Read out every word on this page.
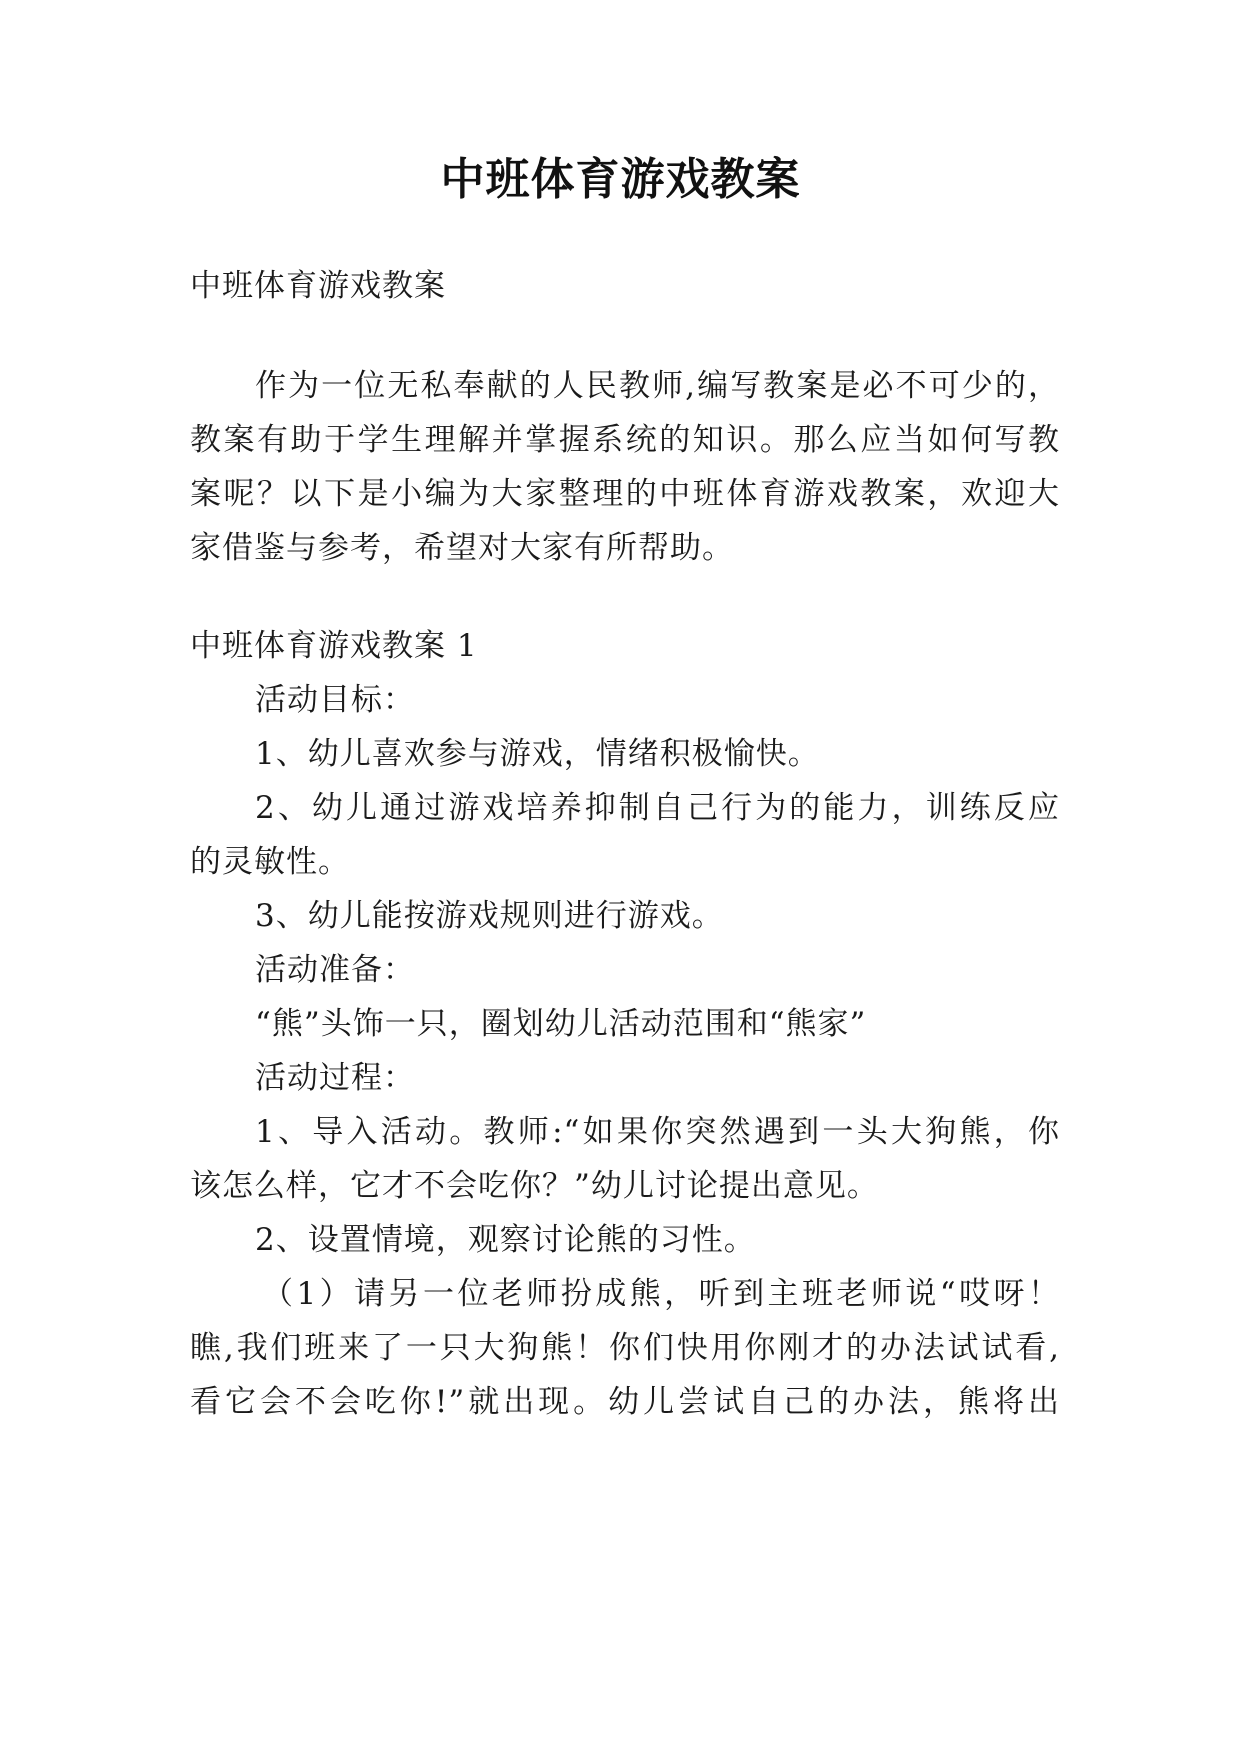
中班体育游戏教案
中班体育游戏教案
作为一位无私奉献的人民教师,编写教案是必不可少的，
教案有助于学生理解并掌握系统的知识。那么应当如何写教
案呢？以下是小编为大家整理的中班体育游戏教案，欢迎大
家借鉴与参考，希望对大家有所帮助。
中班体育游戏教案 1
活动目标：
1、幼儿喜欢参与游戏，情绪积极愉快。
2、幼儿通过游戏培养抑制自己行为的能力，训练反应
的灵敏性。
3、幼儿能按游戏规则进行游戏。
活动准备：
“熊”头饰一只，圈划幼儿活动范围和“熊家”
活动过程：
1、导入活动。教师:“如果你突然遇到一头大狗熊，你
该怎么样，它才不会吃你？”幼儿讨论提出意见。
2、设置情境，观察讨论熊的习性。
（1）请另一位老师扮成熊，听到主班老师说“哎呀！
瞧,我们班来了一只大狗熊！你们快用你刚才的办法试试看,
看它会不会吃你!”就出现。幼儿尝试自己的办法，熊将出
